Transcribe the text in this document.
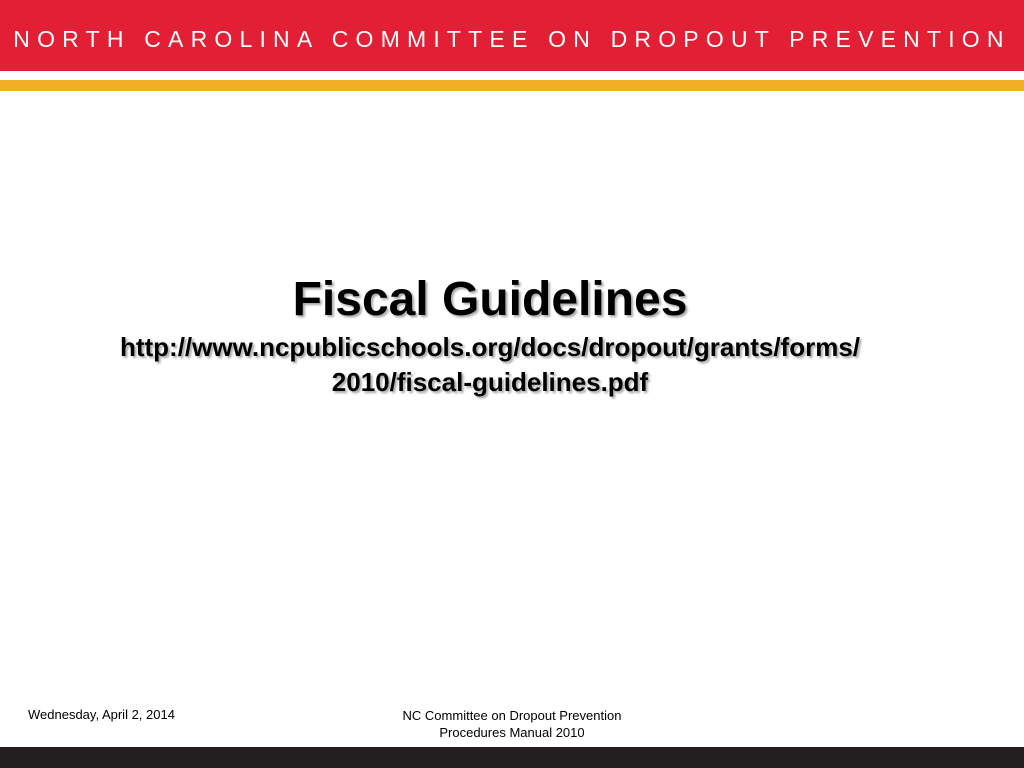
NORTH CAROLINA COMMITTEE ON DROPOUT PREVENTION
Fiscal Guidelines
http://www.ncpublicschools.org/docs/dropout/grants/forms/
2010/fiscal-guidelines.pdf
Wednesday, April 2, 2014	NC Committee on Dropout Prevention
Procedures Manual 2010
